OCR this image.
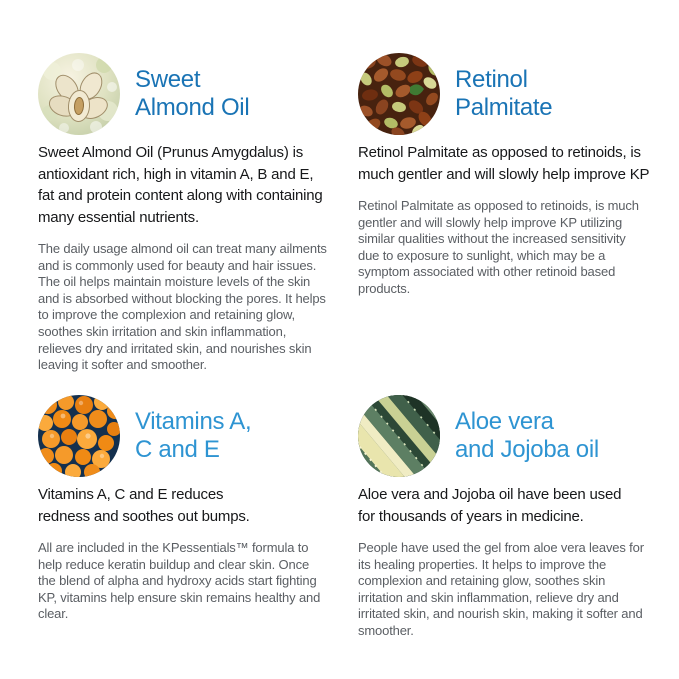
Sweet
Almond Oil

Sweet Almond Oil (Prunus Amygdalus) is antioxidant rich, high in vitamin A, B and E, fat and protein content along with containing many essential nutrients.

The daily usage almond oil can treat many ailments and is commonly used for beauty and hair issues. The oil helps maintain moisture levels of the skin and is absorbed without blocking the pores. It helps to improve the complexion and retaining glow, soothes skin irritation and skin inflammation, relieves dry and irritated skin, and nourishes skin leaving it softer and smoother.

Retinol
Palmitate

Retinol Palmitate as opposed to retinoids, is much gentler and will slowly help improve KP

Retinol Palmitate as opposed to retinoids, is much gentler and will slowly help improve KP utilizing similar qualities without the increased sensitivity due to exposure to sunlight, which may be a symptom associated with other retinoid based products.

Vitamins A,
C and E

Vitamins A, C and E reduces redness and soothes out bumps.

All are included in the KPessentials™ formula to help reduce keratin buildup and clear skin. Once the blend of alpha and hydroxy acids start fighting KP, vitamins help ensure skin remains healthy and clear.

Aloe vera
and Jojoba oil

Aloe vera and Jojoba oil have been used for thousands of years in medicine.

People have used the gel from aloe vera leaves for its healing properties. It helps to improve the complexion and retaining glow, soothes skin irritation and skin inflammation, relieve dry and irritated skin, and nourish skin, making it softer and smoother.
